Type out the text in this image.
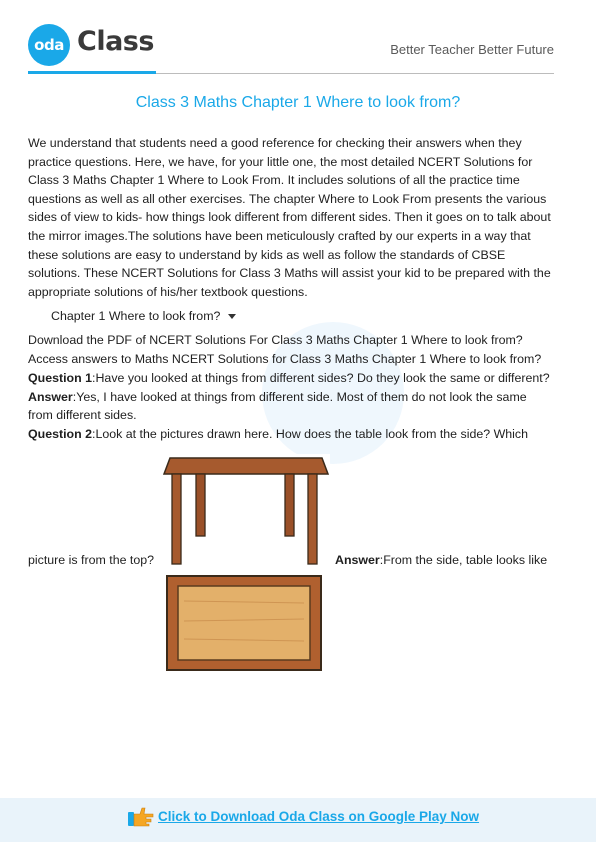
oda Class	Better Teacher Better Future
Class 3 Maths Chapter 1 Where to look from?
We understand that students need a good reference for checking their answers when they practice questions. Here, we have, for your little one, the most detailed NCERT Solutions for Class 3 Maths Chapter 1 Where to Look From. It includes solutions of all the practice time questions as well as all other exercises. The chapter Where to Look From presents the various sides of view to kids- how things look different from different sides. Then it goes on to talk about the mirror images.The solutions have been meticulously crafted by our experts in a way that these solutions are easy to understand by kids as well as follow the standards of CBSE solutions. These NCERT Solutions for Class 3 Maths will assist your kid to be prepared with the appropriate solutions of his/her textbook questions.
Chapter 1 Where to look from?
Download the PDF of NCERT Solutions For Class 3 Maths Chapter 1 Where to look from?
Access answers to Maths NCERT Solutions for Class 3 Maths Chapter 1 Where to look from?
Question 1:Have you looked at things from different sides? Do they look the same or different?
Answer:Yes, I have looked at things from different side. Most of them do not look the same
from different sides.
Question 2:Look at the pictures drawn here. How does the table look from the side? Which
picture is from the top?	Answer:From the side, table looks like
Click to Download Oda Class on Google Play Now
